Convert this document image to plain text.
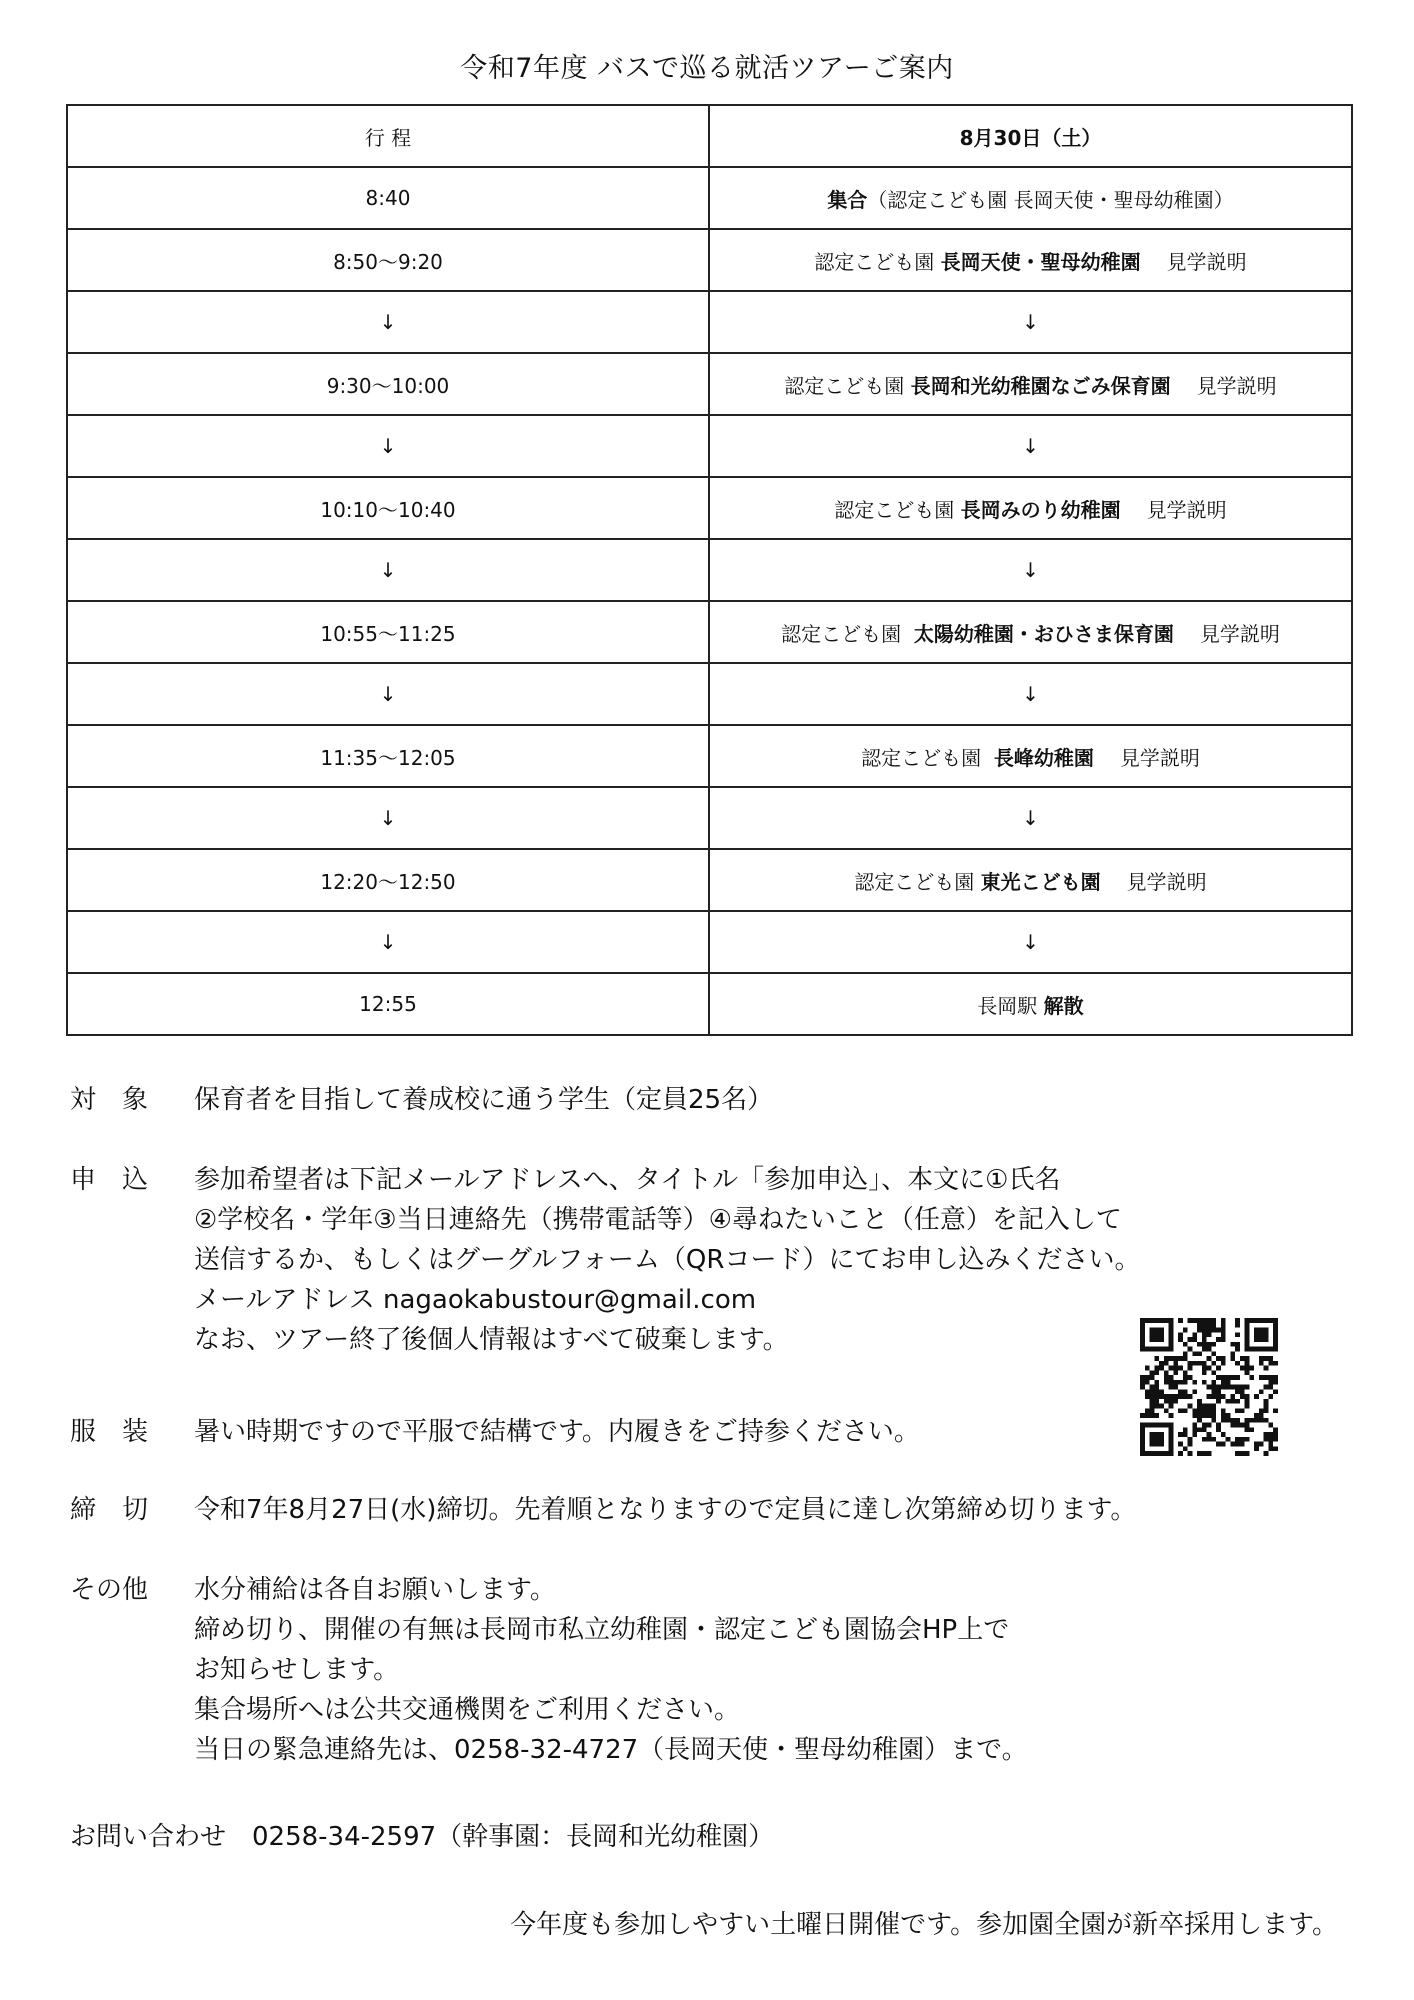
令和7年度 バスで巡る就活ツアーご案内
行 程	8月30日（土）
8:40	集合（認定こども園 長岡天使・聖母幼稚園）
8:50～9:20	認定こども園 長岡天使・聖母幼稚園 見学説明
↓	↓
9:30～10:00	認定こども園 長岡和光幼稚園なごみ保育園 見学説明
↓	↓
10:10～10:40	認定こども園 長岡みのり幼稚園 見学説明
↓	↓
10:55～11:25	認定こども園  太陽幼稚園・おひさま保育園 見学説明
↓	↓
11:35～12:05	認定こども園  長峰幼稚園 見学説明
↓	↓
12:20～12:50	認定こども園 東光こども園 見学説明
↓	↓
12:55	長岡駅 解散
対　象	保育者を目指して養成校に通う学生（定員25名）
申　込	参加希望者は下記メールアドレスへ、タイトル「参加申込」、本文に①氏名
②学校名・学年③当日連絡先（携帯電話等）④尋ねたいこと（任意）を記入して
送信するか、もしくはグーグルフォーム（QRコード）にてお申し込みください。
メールアドレス nagaokabustour@gmail.com
なお、ツアー終了後個人情報はすべて破棄します。
服　装	暑い時期ですので平服で結構です。内履きをご持参ください。
締　切	令和7年8月27日(水)締切。先着順となりますので定員に達し次第締め切ります。
その他	水分補給は各自お願いします。
締め切り、開催の有無は長岡市私立幼稚園・認定こども園協会HP上で
お知らせします。
集合場所へは公共交通機関をご利用ください。
当日の緊急連絡先は、0258-32-4727（長岡天使・聖母幼稚園）まで。
お問い合わせ　0258-34-2597（幹事園：長岡和光幼稚園）
今年度も参加しやすい土曜日開催です。参加園全園が新卒採用します。
